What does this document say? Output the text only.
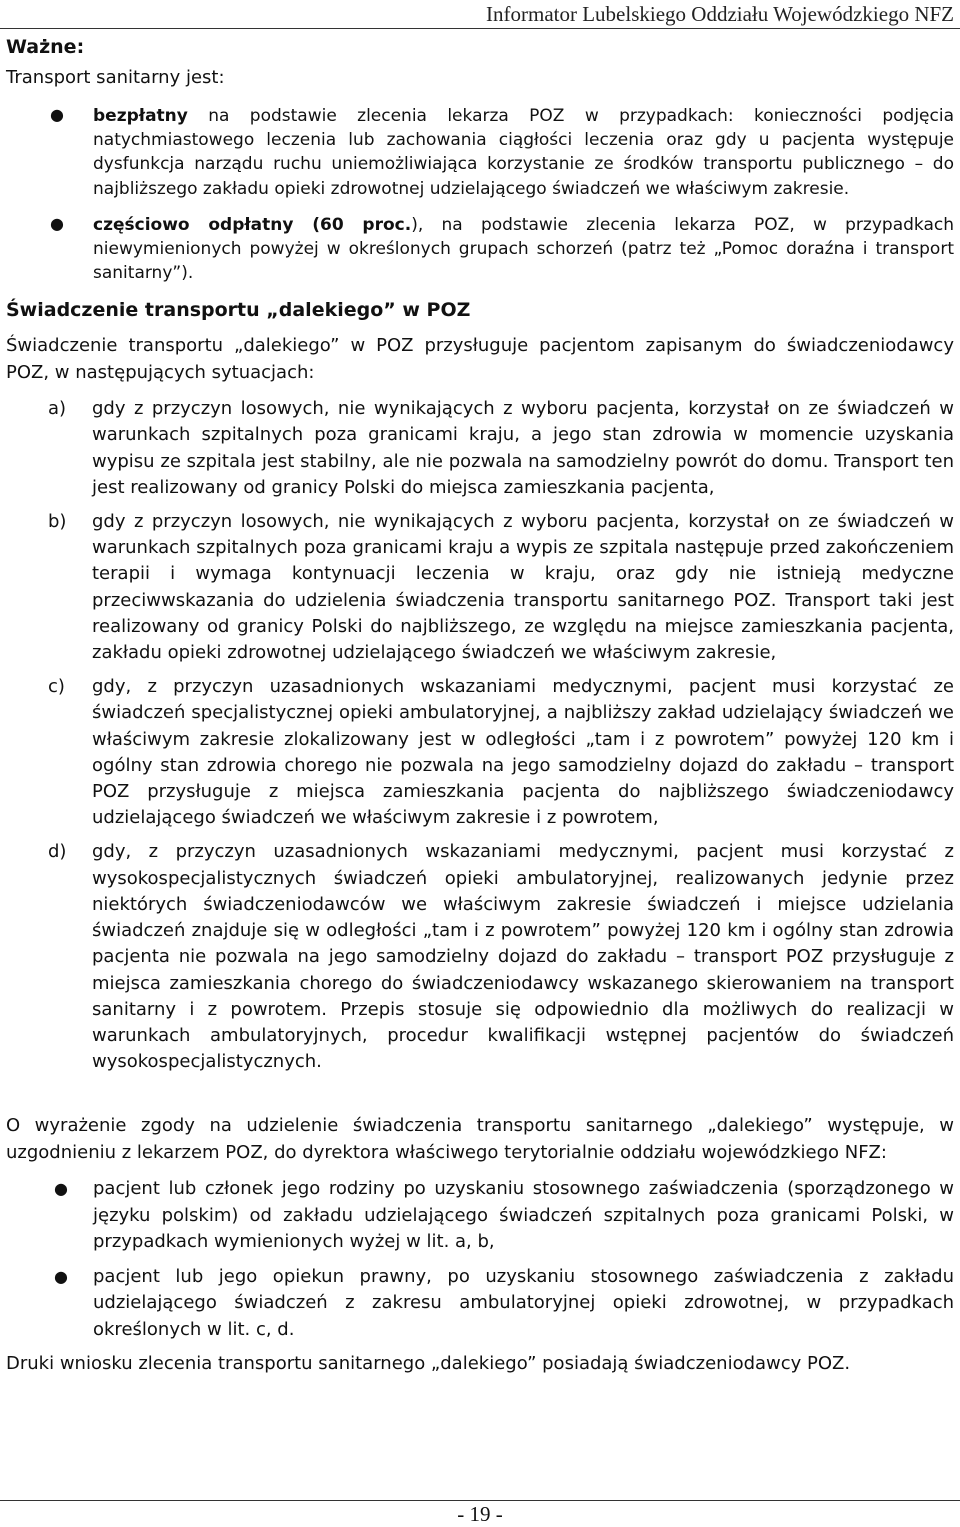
Informator Lubelskiego Oddziału Wojewódzkiego NFZ

Ważne:

Transport sanitarny jest:

● bezpłatny na podstawie zlecenia lekarza POZ w przypadkach: konieczności podjęcia natychmiastowego leczenia lub zachowania ciągłości leczenia oraz gdy u pacjenta występuje dysfunkcja narządu ruchu uniemożliwiająca korzystanie ze środków transportu publicznego – do najbliższego zakładu opieki zdrowotnej udzielającego świadczeń we właściwym zakresie.
● częściowo odpłatny (60 proc.), na podstawie zlecenia lekarza POZ, w przypadkach niewymienionych powyżej w określonych grupach schorzeń (patrz też „Pomoc doraźna i transport sanitarny”).

Świadczenie transportu „dalekiego” w POZ

Świadczenie transportu „dalekiego” w POZ przysługuje pacjentom zapisanym do świadczeniodawcy POZ, w następujących sytuacjach:

a) gdy z przyczyn losowych, nie wynikających z wyboru pacjenta, korzystał on ze świadczeń w warunkach szpitalnych poza granicami kraju, a jego stan zdrowia w momencie uzyskania wypisu ze szpitala jest stabilny, ale nie pozwala na samodzielny powrót do domu. Transport ten jest realizowany od granicy Polski do miejsca zamieszkania pacjenta,
b) gdy z przyczyn losowych, nie wynikających z wyboru pacjenta, korzystał on ze świadczeń w warunkach szpitalnych poza granicami kraju a wypis ze szpitala następuje przed zakończeniem terapii i wymaga kontynuacji leczenia w kraju, oraz gdy nie istnieją medyczne przeciwwskazania do udzielenia świadczenia transportu sanitarnego POZ. Transport taki jest realizowany od granicy Polski do najbliższego, ze względu na miejsce zamieszkania pacjenta, zakładu opieki zdrowotnej udzielającego świadczeń we właściwym zakresie,
c) gdy, z przyczyn uzasadnionych wskazaniami medycznymi, pacjent musi korzystać ze świadczeń specjalistycznej opieki ambulatoryjnej, a najbliższy zakład udzielający świadczeń we właściwym zakresie zlokalizowany jest w odległości „tam i z powrotem” powyżej 120 km i ogólny stan zdrowia chorego nie pozwala na jego samodzielny dojazd do zakładu – transport POZ przysługuje z miejsca zamieszkania pacjenta do najbliższego świadczeniodawcy udzielającego świadczeń we właściwym zakresie i z powrotem,
d) gdy, z przyczyn uzasadnionych wskazaniami medycznymi, pacjent musi korzystać z wysokospecjalistycznych świadczeń opieki ambulatoryjnej, realizowanych jedynie przez niektórych świadczeniodawców we właściwym zakresie świadczeń i miejsce udzielania świadczeń znajduje się w odległości „tam i z powrotem” powyżej 120 km i ogólny stan zdrowia pacjenta nie pozwala na jego samodzielny dojazd do zakładu – transport POZ przysługuje z miejsca zamieszkania chorego do świadczeniodawcy wskazanego skierowaniem na transport sanitarny i z powrotem. Przepis stosuje się odpowiednio dla możliwych do realizacji w warunkach ambulatoryjnych, procedur kwalifikacji wstępnej pacjentów do świadczeń wysokospecjalistycznych.

O wyrażenie zgody na udzielenie świadczenia transportu sanitarnego „dalekiego” występuje, w uzgodnieniu z lekarzem POZ, do dyrektora właściwego terytorialnie oddziału wojewódzkiego NFZ:

● pacjent lub członek jego rodziny po uzyskaniu stosownego zaświadczenia (sporządzonego w języku polskim) od zakładu udzielającego świadczeń szpitalnych poza granicami Polski, w przypadkach wymienionych wyżej w lit. a, b,
● pacjent lub jego opiekun prawny, po uzyskaniu stosownego zaświadczenia z zakładu udzielającego świadczeń z zakresu ambulatoryjnej opieki zdrowotnej, w przypadkach określonych w lit. c, d.

Druki wniosku zlecenia transportu sanitarnego „dalekiego” posiadają świadczeniodawcy POZ.

- 19 -
